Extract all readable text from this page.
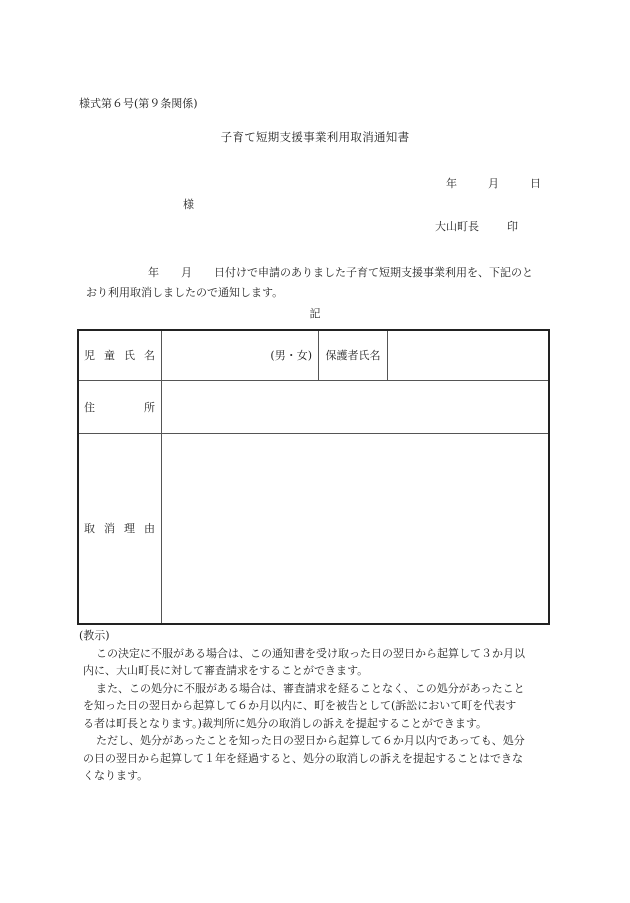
様式第６号(第９条関係)
子育て短期支援事業利用取消通知書
年	月	日
様
大山町長	印
年　　月　　日付けで申請のありました子育て短期支援事業利用を、下記のと
おり利用取消しましたので通知します。
記
児 童 氏 名	(男・女)	保護者氏名	

住 所			

取 消 理 由			

(教示)

この決定に不服がある場合は、この通知書を受け取った日の翌日から起算して３か月以
内に、大山町長に対して審査請求をすることができます。
また、この処分に不服がある場合は、審査請求を経ることなく、この処分があったこと
を知った日の翌日から起算して６か月以内に、町を被告として(訴訟において町を代表す
る者は町長となります。)裁判所に処分の取消しの訴えを提起することができます。
ただし、処分があったことを知った日の翌日から起算して６か月以内であっても、処分
の日の翌日から起算して１年を経過すると、処分の取消しの訴えを提起することはできな
くなります。
